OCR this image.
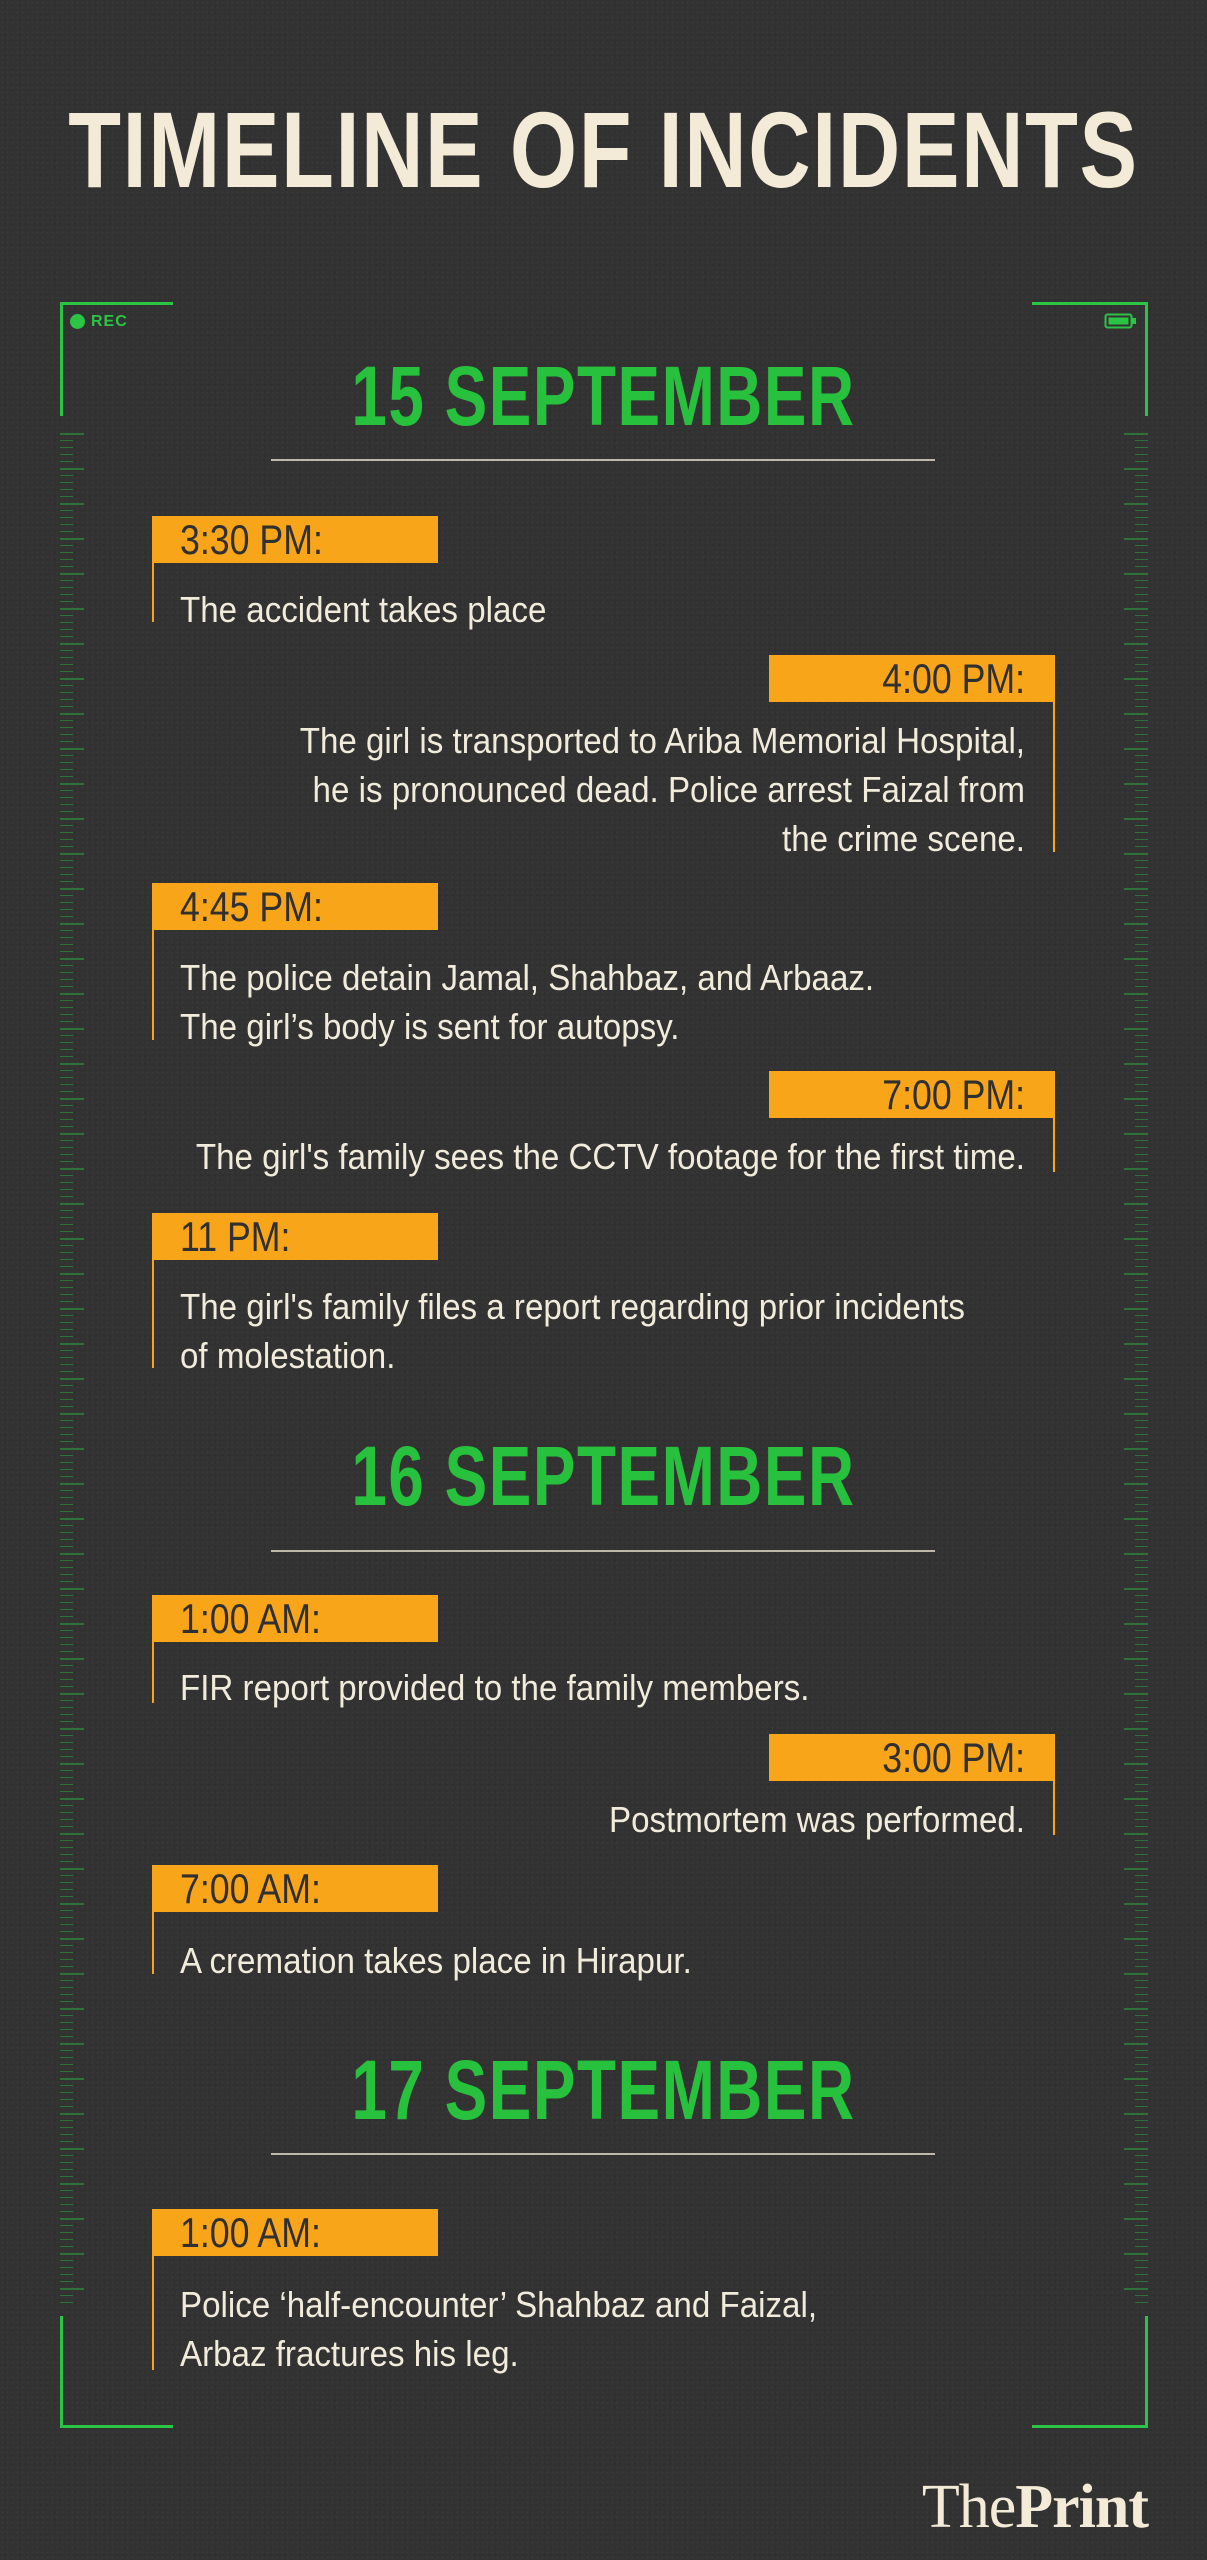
TIMELINE OF INCIDENTS
REC
15 SEPTEMBER
3:30 PM:
The accident takes place
4:00 PM:
The girl is transported to Ariba Memorial Hospital,
he is pronounced dead. Police arrest Faizal from
the crime scene.
4:45 PM:
The police detain Jamal, Shahbaz, and Arbaaz.
The girl’s body is sent for autopsy.
7:00 PM:
The girl's family sees the CCTV footage for the first time.
11 PM:
The girl's family files a report regarding prior incidents
of molestation.
16 SEPTEMBER
1:00 AM:
FIR report provided to the family members.
3:00 PM:
Postmortem was performed.
7:00 AM:
A cremation takes place in Hirapur.
17 SEPTEMBER
1:00 AM:
Police ‘half-encounter’ Shahbaz and Faizal,
Arbaz fractures his leg.
ThePrint
